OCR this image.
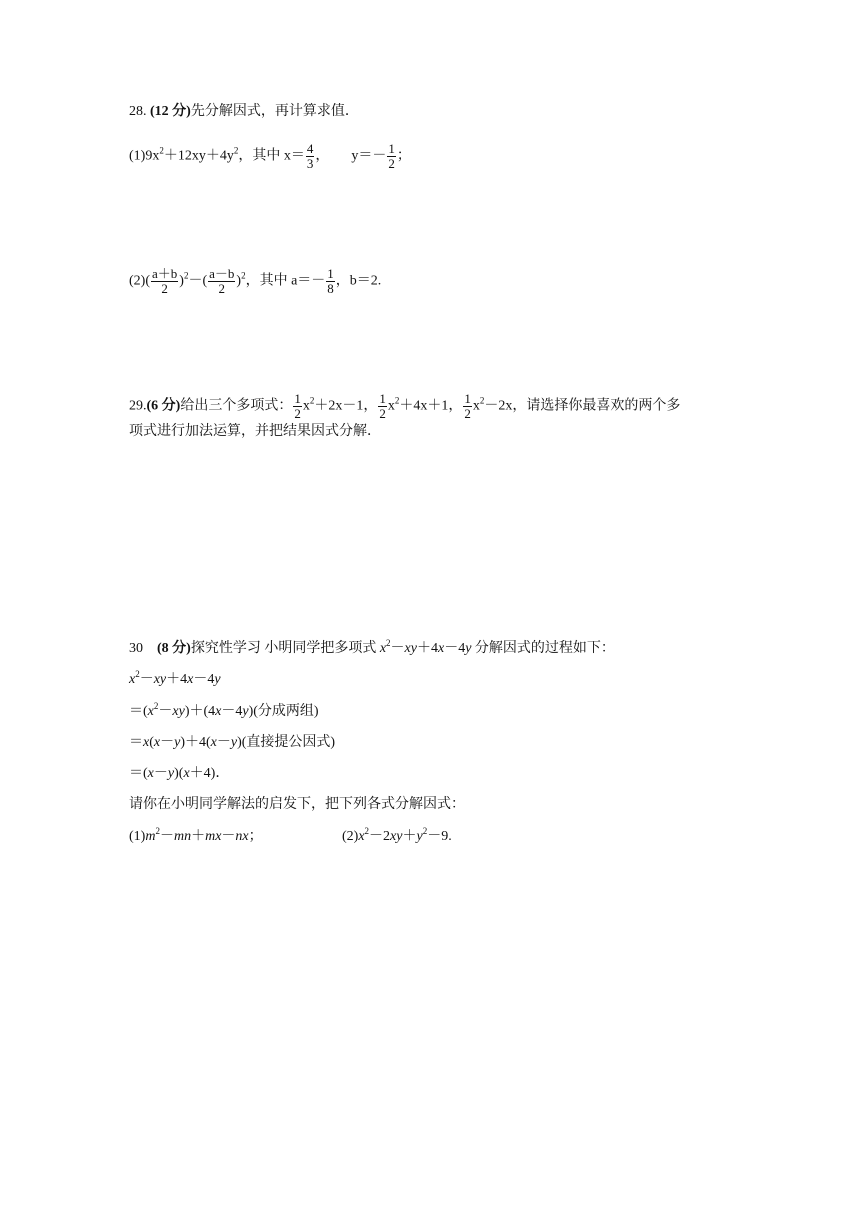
28. (12 分)先分解因式，再计算求值．
$(1)9x^2+12xy+4y^2$，其中 $x= \frac{4}{3}$ ， $y=- \frac{1}{2}$ ；
$(2)( \frac{a+b}{2} )^2-( \frac{a-b}{2} )^2$，其中 $a=- \frac{1}{8}$ ，b＝2.
29.(6 分)给出三个多项式： $\frac{1}{2} x^2+2x-1$， $\frac{1}{2} x^2+4x+1$， $\frac{1}{2} x^2-2x$，请选择你最喜欢的两个多
项式进行加法运算，并把结果因式分解．
30 (8 分)探究性学习 小明同学把多项式 $x^2-xy+4x-4y$ 分解因式的过程如下：
$x^2-xy+4x-4y$
$=(x^2-xy)+(4x-4y)$(分成两组)
＝x(x－y)＋4(x－y)(直接提公因式)
＝(x－y)(x＋4)．
请你在小明同学解法的启发下，把下列各式分解因式：
$(1)m^2-mn+mx-nx$；	$(2)x^2-2xy+y^2-9$.
